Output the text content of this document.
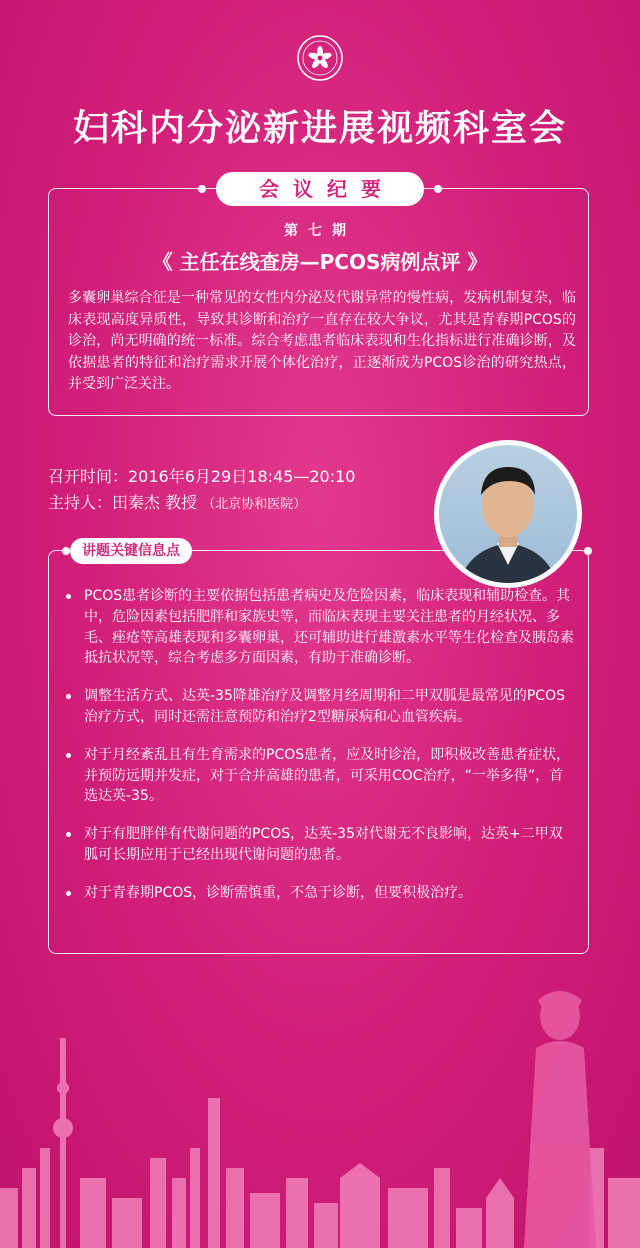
妇科内分泌新进展视频科室会
会议纪要
第七期
《 主任在线查房—PCOS病例点评 》
多囊卵巢综合征是一种常见的女性内分泌及代谢异常的慢性病，发病机制复杂，临床表现高度异质性，导致其诊断和治疗一直存在较大争议，尤其是青春期PCOS的诊治，尚无明确的统一标准。综合考虑患者临床表现和生化指标进行准确诊断，及依据患者的特征和治疗需求开展个体化治疗，正逐渐成为PCOS诊治的研究热点，并受到广泛关注。
召开时间：2016年6月29日18:45—20:10
主持人：田秦杰 教授 （北京协和医院）
讲题关键信息点
PCOS患者诊断的主要依据包括患者病史及危险因素，临床表现和辅助检查。其中，危险因素包括肥胖和家族史等，而临床表现主要关注患者的月经状况、多毛、痤疮等高雄表现和多囊卵巢，还可辅助进行雄激素水平等生化检查及胰岛素抵抗状况等，综合考虑多方面因素，有助于准确诊断。
调整生活方式、达英-35降雄治疗及调整月经周期和二甲双胍是最常见的PCOS治疗方式，同时还需注意预防和治疗2型糖尿病和心血管疾病。
对于月经紊乱且有生育需求的PCOS患者，应及时诊治，即积极改善患者症状，并预防远期并发症，对于合并高雄的患者，可采用COC治疗，“一举多得”，首选达英-35。
对于有肥胖伴有代谢问题的PCOS，达英-35对代谢无不良影响，达英+二甲双胍可长期应用于已经出现代谢问题的患者。
对于青春期PCOS，诊断需慎重，不急于诊断，但要积极治疗。
